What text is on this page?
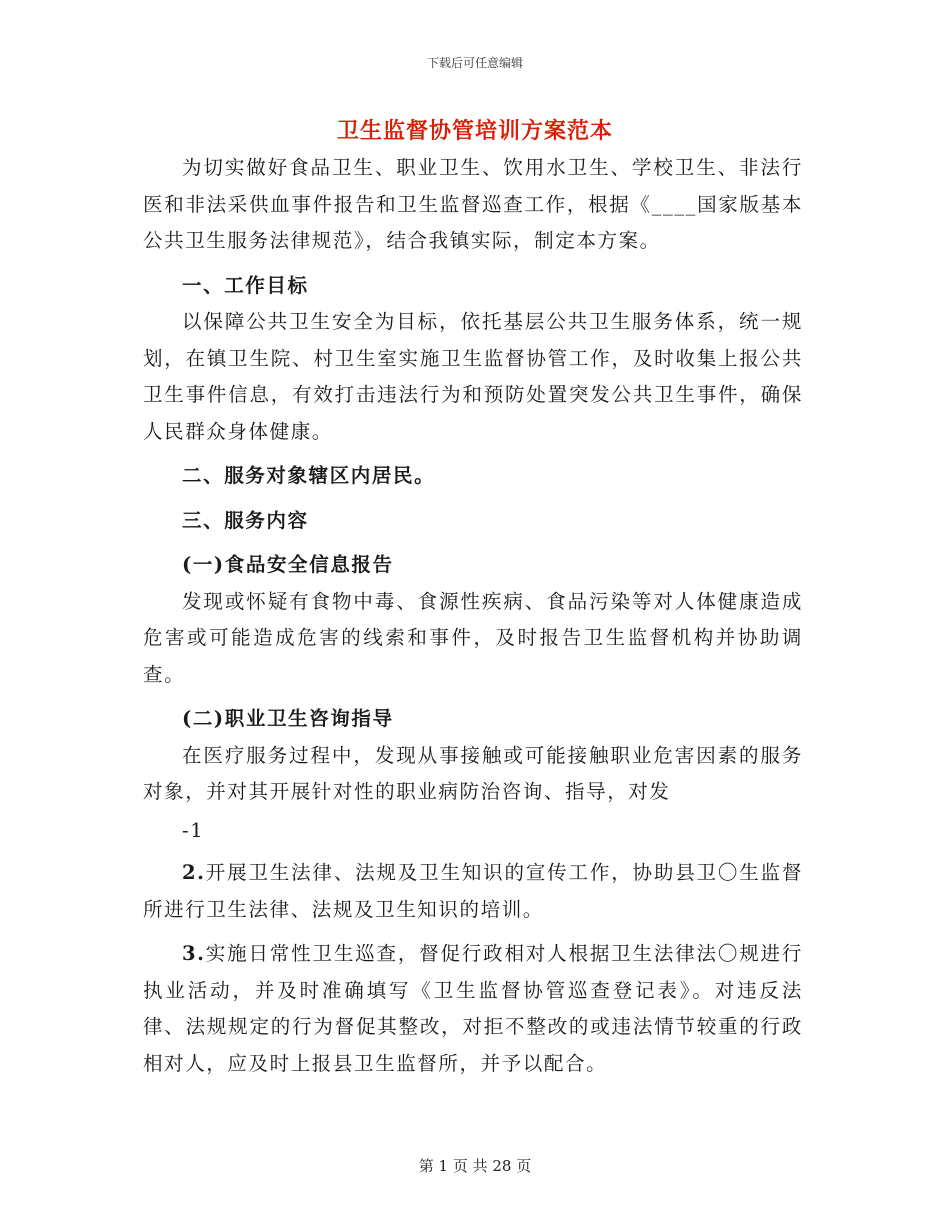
下载后可任意编辑
卫生监督协管培训方案范本

为切实做好食品卫生、职业卫生、饮用水卫生、学校卫生、非法行医和非法采供血事件报告和卫生监督巡查工作，根据《____国家版基本公共卫生服务法律规范》，结合我镇实际，制定本方案。

一、工作目标

以保障公共卫生安全为目标，依托基层公共卫生服务体系，统一规划，在镇卫生院、村卫生室实施卫生监督协管工作，及时收集上报公共卫生事件信息，有效打击违法行为和预防处置突发公共卫生事件，确保人民群众身体健康。

二、服务对象辖区内居民。

三、服务内容

(一)食品安全信息报告

发现或怀疑有食物中毒、食源性疾病、食品污染等对人体健康造成危害或可能造成危害的线索和事件，及时报告卫生监督机构并协助调查。

(二)职业卫生咨询指导

在医疗服务过程中，发现从事接触或可能接触职业危害因素的服务对象，并对其开展针对性的职业病防治咨询、指导，对发

-1

2.开展卫生法律、法规及卫生知识的宣传工作，协助县卫〇生监督所进行卫生法律、法规及卫生知识的培训。

3.实施日常性卫生巡查，督促行政相对人根据卫生法律法〇规进行执业活动，并及时准确填写《卫生监督协管巡查登记表》。对违反法律、法规规定的行为督促其整改，对拒不整改的或违法情节较重的行政相对人，应及时上报县卫生监督所，并予以配合。

第 1 页 共 28 页
